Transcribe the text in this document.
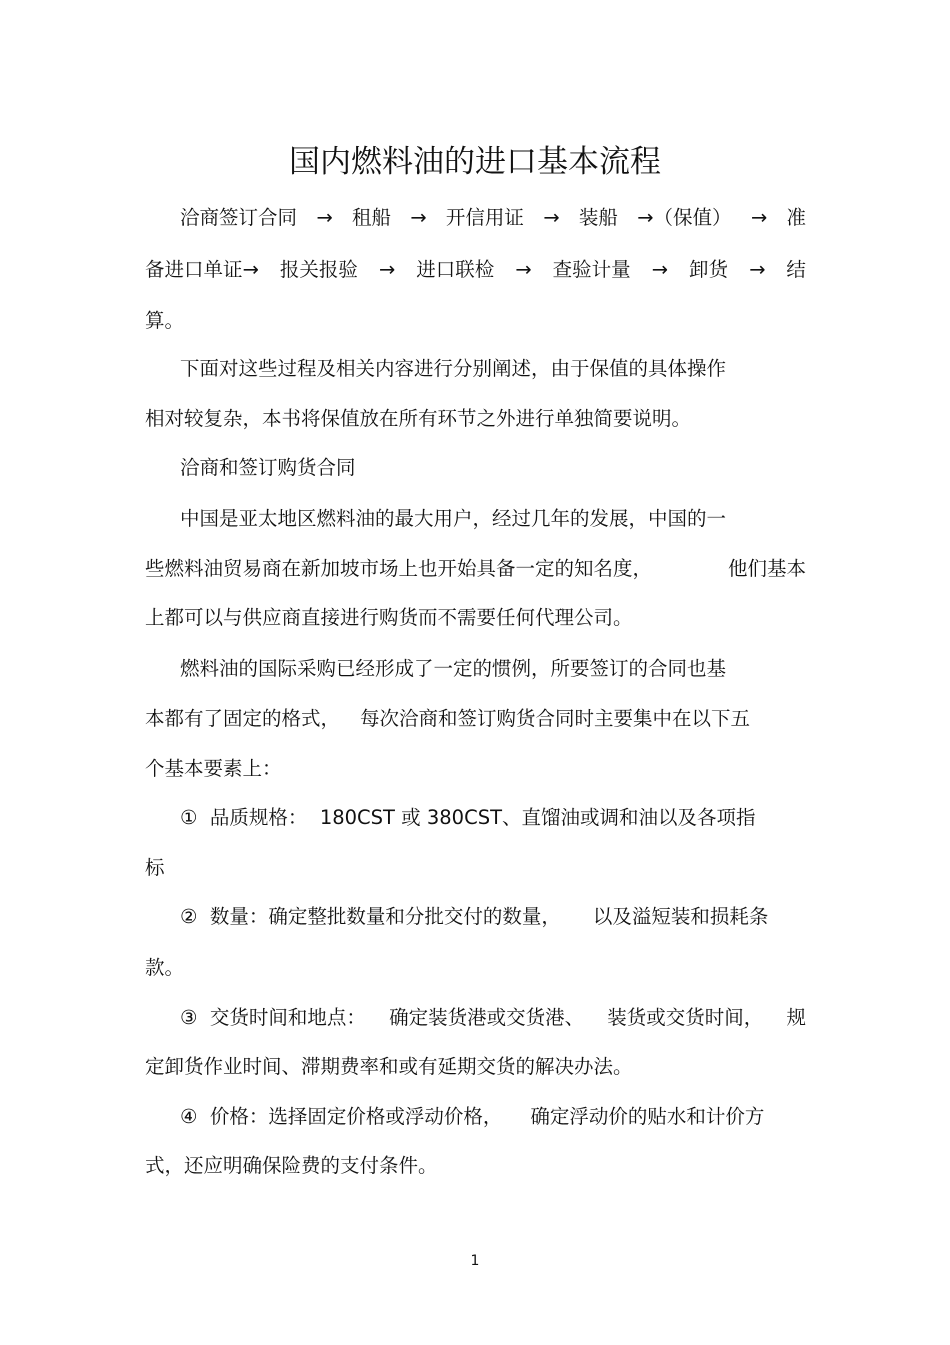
国内燃料油的进口基本流程
洽商签订合同 → 租船 → 开信用证 → 装船 →（保值） → 准
备进口单证→ 报关报验 → 进口联检 → 查验计量 → 卸货 → 结

算。

下面对这些过程及相关内容进行分别阐述，由于保值的具体操作

相对较复杂，本书将保值放在所有环节之外进行单独简要说明。

洽商和签订购货合同

中国是亚太地区燃料油的最大用户，经过几年的发展，中国的一

些燃料油贸易商在新加坡市场上也开始具备一定的知名度，	他们基本

上都可以与供应商直接进行购货而不需要任何代理公司。

燃料油的国际采购已经形成了一定的惯例，所要签订的合同也基

本都有了固定的格式， 每次洽商和签订购货合同时主要集中在以下五

个基本要素上：

① 品质规格： 180CST 或 380CST、直馏油或调和油以及各项指

标

② 数量：确定整批数量和分批交付的数量， 以及溢短装和损耗条

款。

③ 交货时间和地点： 确定装货港或交货港、 装货或交货时间， 规

定卸货作业时间、滞期费率和或有延期交货的解决办法。

④ 价格：选择固定价格或浮动价格， 确定浮动价的贴水和计价方

式，还应明确保险费的支付条件。

1
